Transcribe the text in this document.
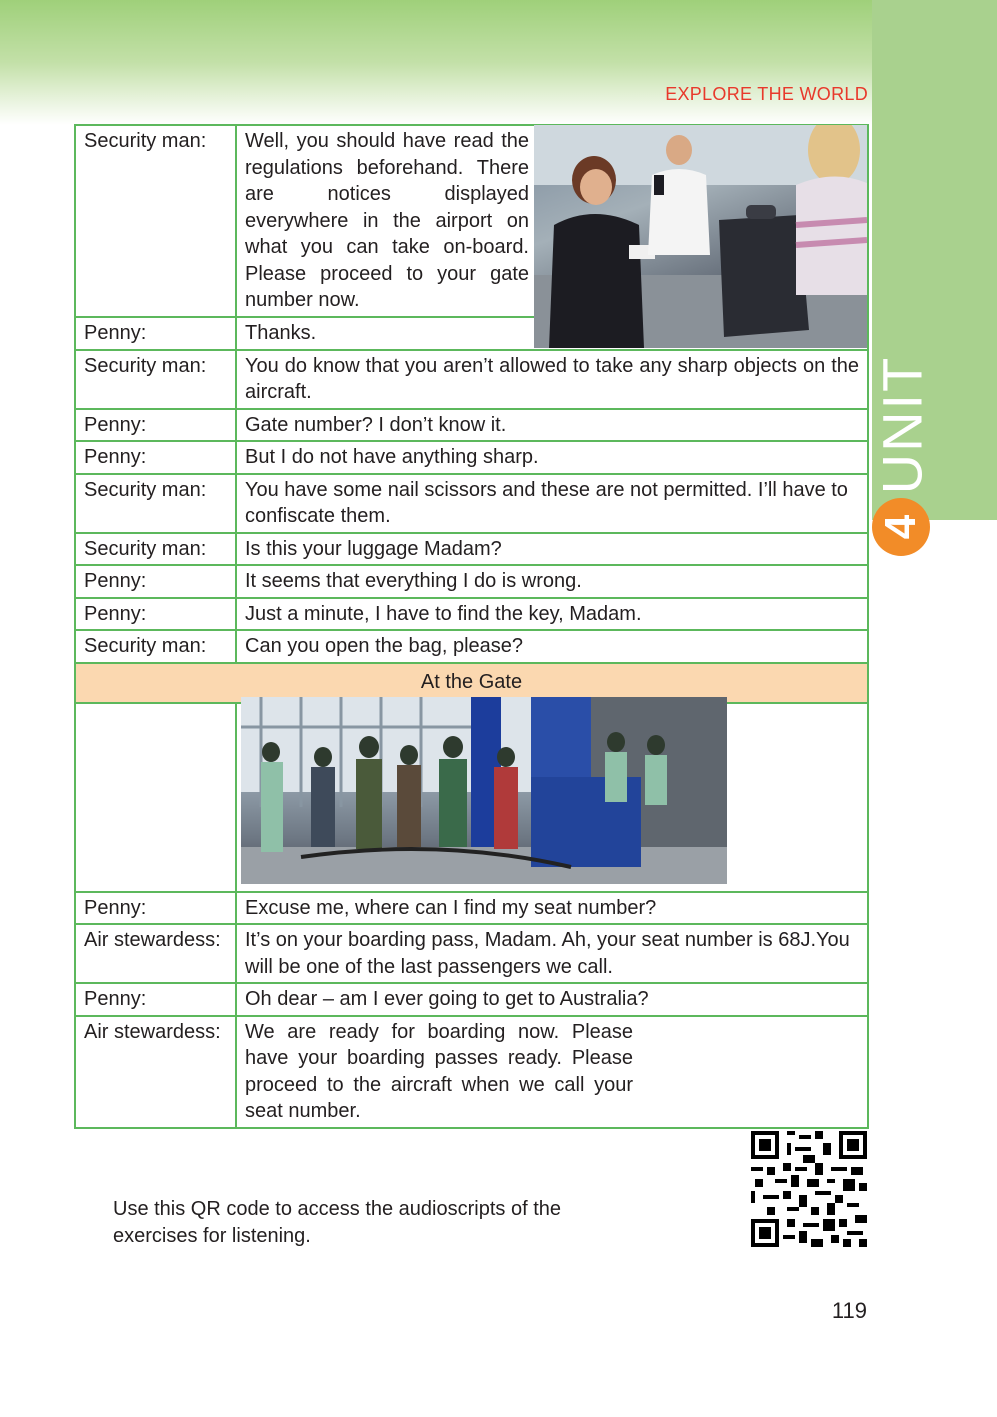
UNIT
4
EXPLORE THE WORLD
Security man:	Well, you should have read the regulations beforehand. There are notices displayed everywhere in the airport on what you can take on-board. Please proceed to your gate number now.
Penny:	Thanks.
Security man:	You do know that you aren’t allowed to take any sharp objects on the aircraft.
Penny:	Gate number? I don’t know it.
Penny:	But I do not have anything sharp.
Security man:	You have some nail scissors and these are not permitted. I’ll have to confiscate them.
Security man:	Is this your luggage Madam?
Penny:	It seems that everything I do is wrong.
Penny:	Just a minute, I have to find the key, Madam.
Security man:	Can you open the bag, please?
At the Gate	

Penny:	Excuse me, where can I find my seat number?
Air stewardess:	It’s on your boarding pass, Madam. Ah, your seat number is 68J.You will be one of the last passengers we call.
Penny:	Oh dear – am I ever going to get to Australia?
Air stewardess:	We are ready for boarding now. Please have your boarding passes ready. Please proceed to the aircraft when we call your seat number.
Use this QR code to access the audioscripts of the exercises for listening.
119
